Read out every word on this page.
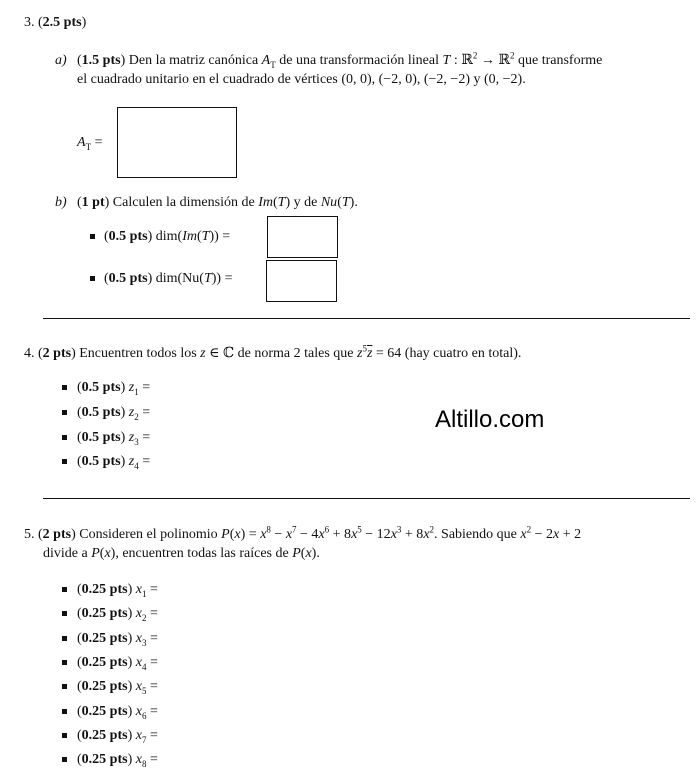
3. (2.5 pts)
a) (1.5 pts) Den la matriz canónica $A_T$ de una transformación lineal T : ℝ$^2$ → ℝ$^2$ que transforme
el cuadrado unitario en el cuadrado de vértices (0, 0), (−2, 0), (−2, −2) y (0, −2).
$A_T$ =
b) (1 pt) Calculen la dimensión de Im(T) y de Nu(T).
(0.5 pts) dim(Im(T)) =
(0.5 pts) dim(Nu(T)) =
4. (2 pts) Encuentren todos los z ∈ ℂ de norma 2 tales que $z^5\overline{z} = 64$ (hay cuatro en total).
(0.5 pts) $z_1$ =
(0.5 pts) $z_2$ =
(0.5 pts) $z_3$ =
(0.5 pts) $z_4$ =
Altillo.com
5. (2 pts) Consideren el polinomio $P(x) = x^8 - x^7 - 4x^6 + 8x^5 - 12x^3 + 8x^2$. Sabiendo que $x^2 - 2x + 2$
divide a P(x), encuentren todas las raíces de P(x).
(0.25 pts) $x_1$ =
(0.25 pts) $x_2$ =
(0.25 pts) $x_3$ =
(0.25 pts) $x_4$ =
(0.25 pts) $x_5$ =
(0.25 pts) $x_6$ =
(0.25 pts) $x_7$ =
(0.25 pts) $x_8$ =
